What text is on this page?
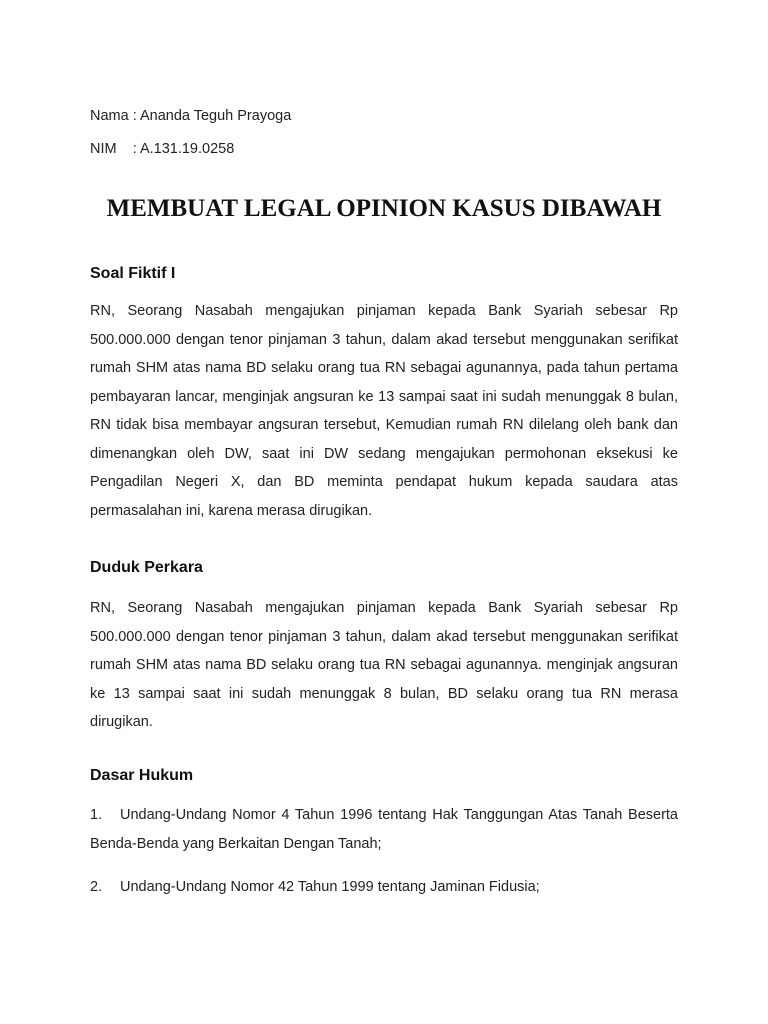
Nama : Ananda Teguh Prayoga
NIM    : A.131.19.0258
MEMBUAT LEGAL OPINION KASUS DIBAWAH
Soal Fiktif I
RN, Seorang Nasabah mengajukan pinjaman kepada Bank Syariah sebesar Rp 500.000.000 dengan tenor pinjaman 3 tahun, dalam akad tersebut menggunakan serifikat rumah SHM atas nama BD selaku orang tua RN sebagai agunannya, pada tahun pertama pembayaran lancar, menginjak angsuran ke 13 sampai saat ini sudah menunggak 8 bulan, RN tidak bisa membayar angsuran tersebut, Kemudian rumah RN dilelang oleh bank dan dimenangkan oleh DW, saat ini DW sedang mengajukan permohonan eksekusi ke Pengadilan Negeri X, dan BD meminta pendapat hukum kepada saudara atas permasalahan ini, karena merasa dirugikan.
Duduk Perkara
RN, Seorang Nasabah mengajukan pinjaman kepada Bank Syariah sebesar Rp 500.000.000 dengan tenor pinjaman 3 tahun, dalam akad tersebut menggunakan serifikat rumah SHM atas nama BD selaku orang tua RN sebagai agunannya. menginjak angsuran ke 13 sampai saat ini sudah menunggak 8 bulan, BD selaku orang tua RN merasa dirugikan.
Dasar Hukum
1. Undang-Undang Nomor 4 Tahun 1996 tentang Hak Tanggungan Atas Tanah Beserta Benda-Benda yang Berkaitan Dengan Tanah;
2. Undang-Undang Nomor 42 Tahun 1999 tentang Jaminan Fidusia;
